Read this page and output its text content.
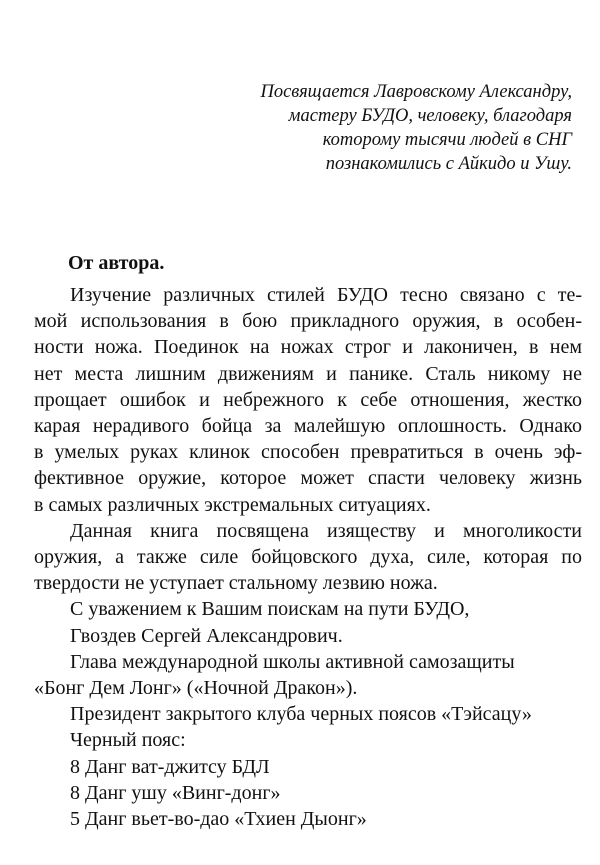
Посвящается Лавровскому Александру,
мастеру БУДО, человеку, благодаря
которому тысячи людей в СНГ
познакомились с Айкидо и Ушу.
От автора.
Изучение различных стилей БУДО тесно связано с те-
мой использования в бою прикладного оружия, в особен-
ности ножа. Поединок на ножах строг и лаконичен, в нем
нет места лишним движениям и панике. Сталь никому не
прощает ошибок и небрежного к себе отношения, жестко
карая нерадивого бойца за малейшую оплошность. Однако
в умелых руках клинок способен превратиться в очень эф-
фективное оружие, которое может спасти человеку жизнь
в самых различных экстремальных ситуациях.
Данная книга посвящена изяществу и многоликости
оружия, а также силе бойцовского духа, силе, которая по
твердости не уступает стальному лезвию ножа.
С уважением к Вашим поискам на пути БУДО,
Гвоздев Сергей Александрович.
Глава международной школы активной самозащиты
«Бонг Дем Лонг» («Ночной Дракон»).
Президент закрытого клуба черных поясов «Тэйсацу»
Черный пояс:
8 Данг ват-джитсу БДЛ
8 Данг ушу «Винг-донг»
5 Данг вьет-во-дао «Тхиен Дыонг»
